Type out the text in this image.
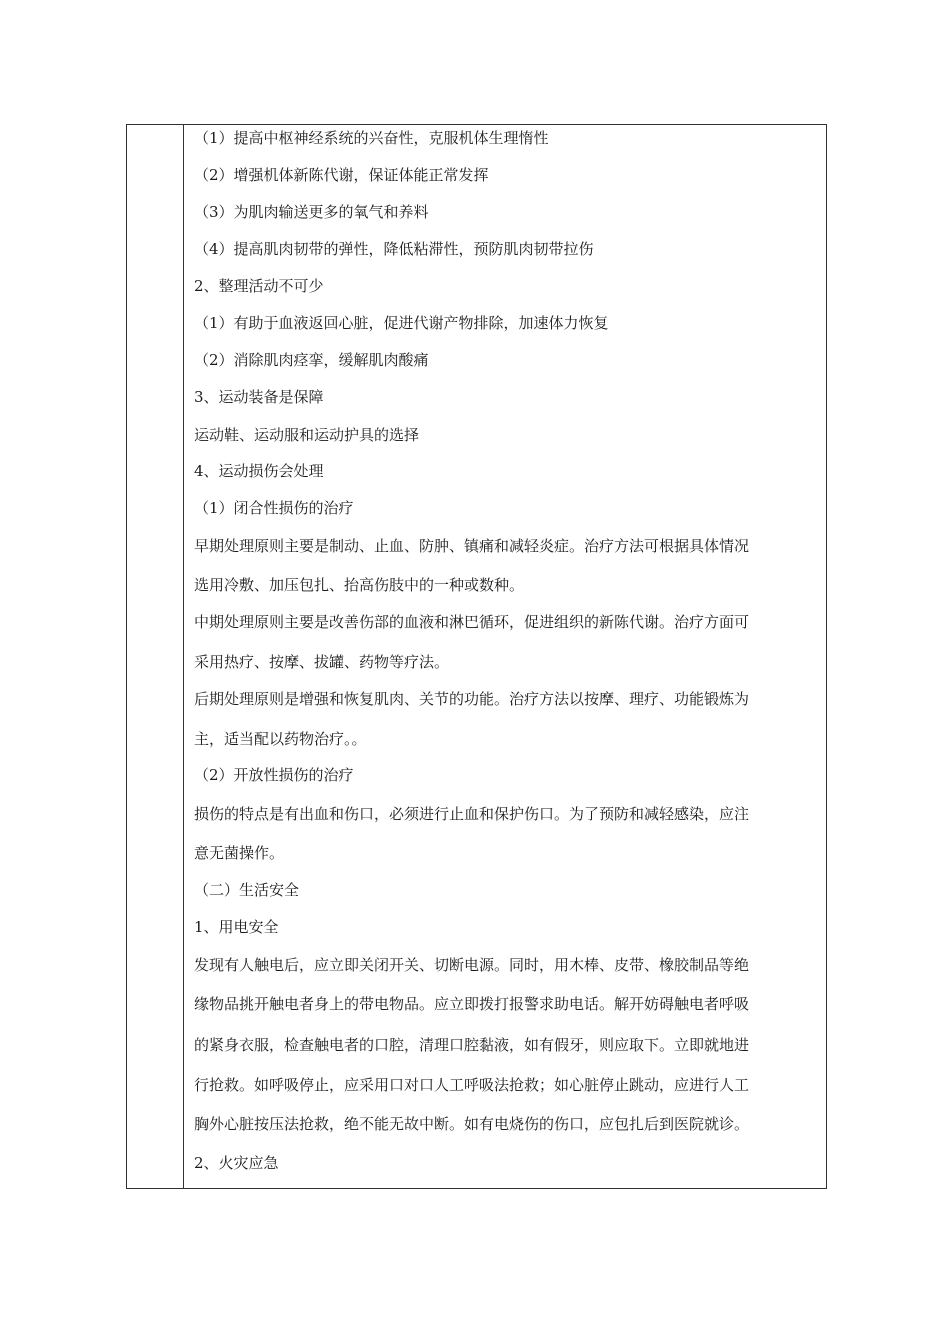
（1）提高中枢神经系统的兴奋性，克服机体生理惰性
（2）增强机体新陈代谢，保证体能正常发挥
（3）为肌肉输送更多的氧气和养料
（4）提高肌肉韧带的弹性，降低粘滞性，预防肌肉韧带拉伤
2、整理活动不可少
（1）有助于血液返回心脏，促进代谢产物排除，加速体力恢复
（2）消除肌肉痉挛，缓解肌肉酸痛
3、运动装备是保障
运动鞋、运动服和运动护具的选择
4、运动损伤会处理
（1）闭合性损伤的治疗
早期处理原则主要是制动、止血、防肿、镇痛和减轻炎症。治疗方法可根据具体情况
选用冷敷、加压包扎、抬高伤肢中的一种或数种。
中期处理原则主要是改善伤部的血液和淋巴循环，促进组织的新陈代谢。治疗方面可
采用热疗、按摩、拔罐、药物等疗法。
后期处理原则是增强和恢复肌肉、关节的功能。治疗方法以按摩、理疗、功能锻炼为
主，适当配以药物治疗。。
（2）开放性损伤的治疗
损伤的特点是有出血和伤口，必须进行止血和保护伤口。为了预防和减轻感染，应注
意无菌操作。
（二）生活安全
1、用电安全
发现有人触电后，应立即关闭开关、切断电源。同时，用木棒、皮带、橡胶制品等绝
缘物品挑开触电者身上的带电物品。应立即拨打报警求助电话。解开妨碍触电者呼吸
的紧身衣服，检查触电者的口腔，清理口腔黏液，如有假牙，则应取下。立即就地进
行抢救。如呼吸停止，应采用口对口人工呼吸法抢救；如心脏停止跳动，应进行人工
胸外心脏按压法抢救，绝不能无故中断。如有电烧伤的伤口，应包扎后到医院就诊。
2、火灾应急
